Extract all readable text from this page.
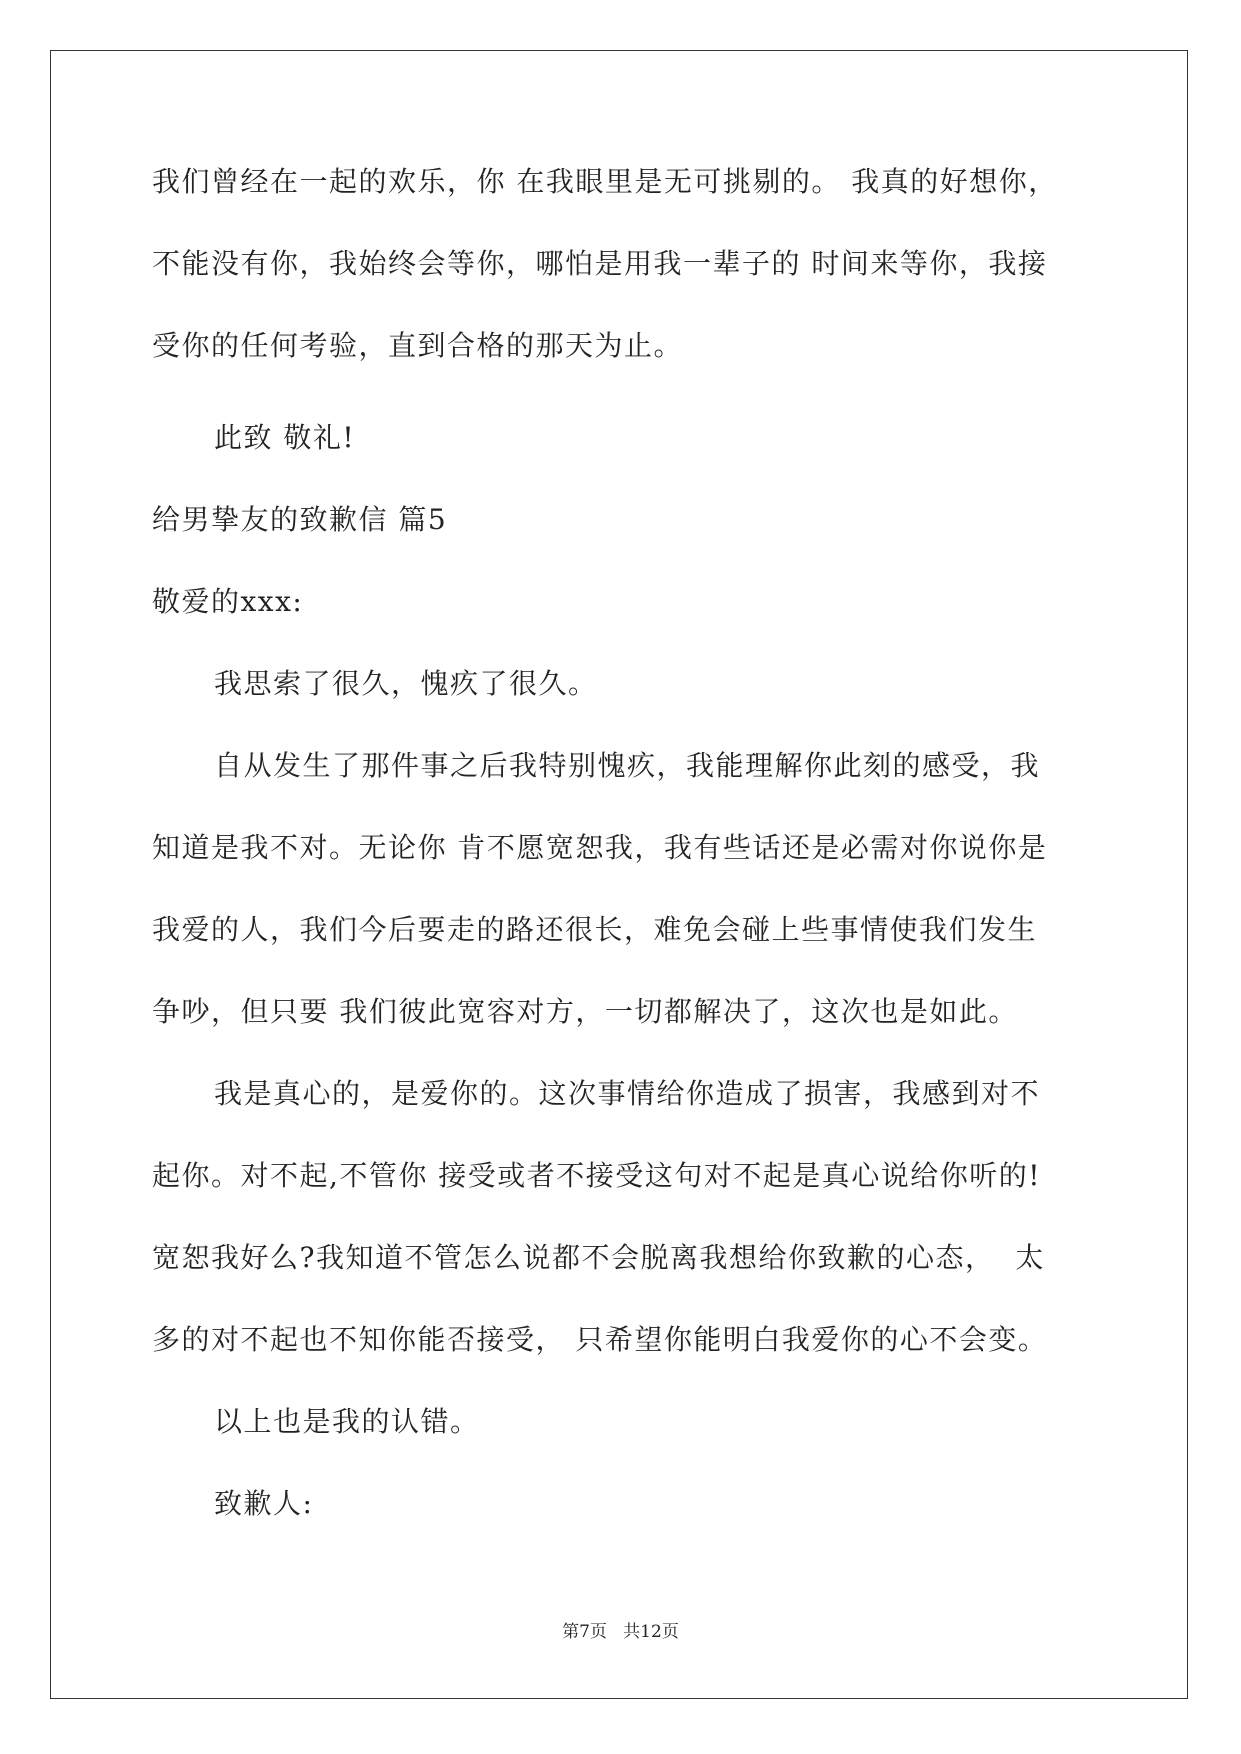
我们曾经在一起的欢乐，你 在我眼里是无可挑剔的。 我真的好想你，
不能没有你，我始终会等你，哪怕是用我一辈子的 时间来等你，我接
受你的任何考验，直到合格的那天为止。
此致 敬礼!
给男挚友的致歉信 篇5
敬爱的xxx:
我思索了很久，愧疚了很久。
自从发生了那件事之后我特别愧疚，我能理解你此刻的感受，我
知道是我不对。无论你 肯不愿宽恕我，我有些话还是必需对你说你是
我爱的人，我们今后要走的路还很长，难免会碰上些事情使我们发生
争吵，但只要 我们彼此宽容对方，一切都解决了，这次也是如此。
我是真心的，是爱你的。这次事情给你造成了损害，我感到对不
起你。对不起,不管你 接受或者不接受这句对不起是真心说给你听的!
宽恕我好么?我知道不管怎么说都不会脱离我想给你致歉的心态，  太
多的对不起也不知你能否接受， 只希望你能明白我爱你的心不会变。
以上也是我的认错。
致歉人:
第7页   共12页
